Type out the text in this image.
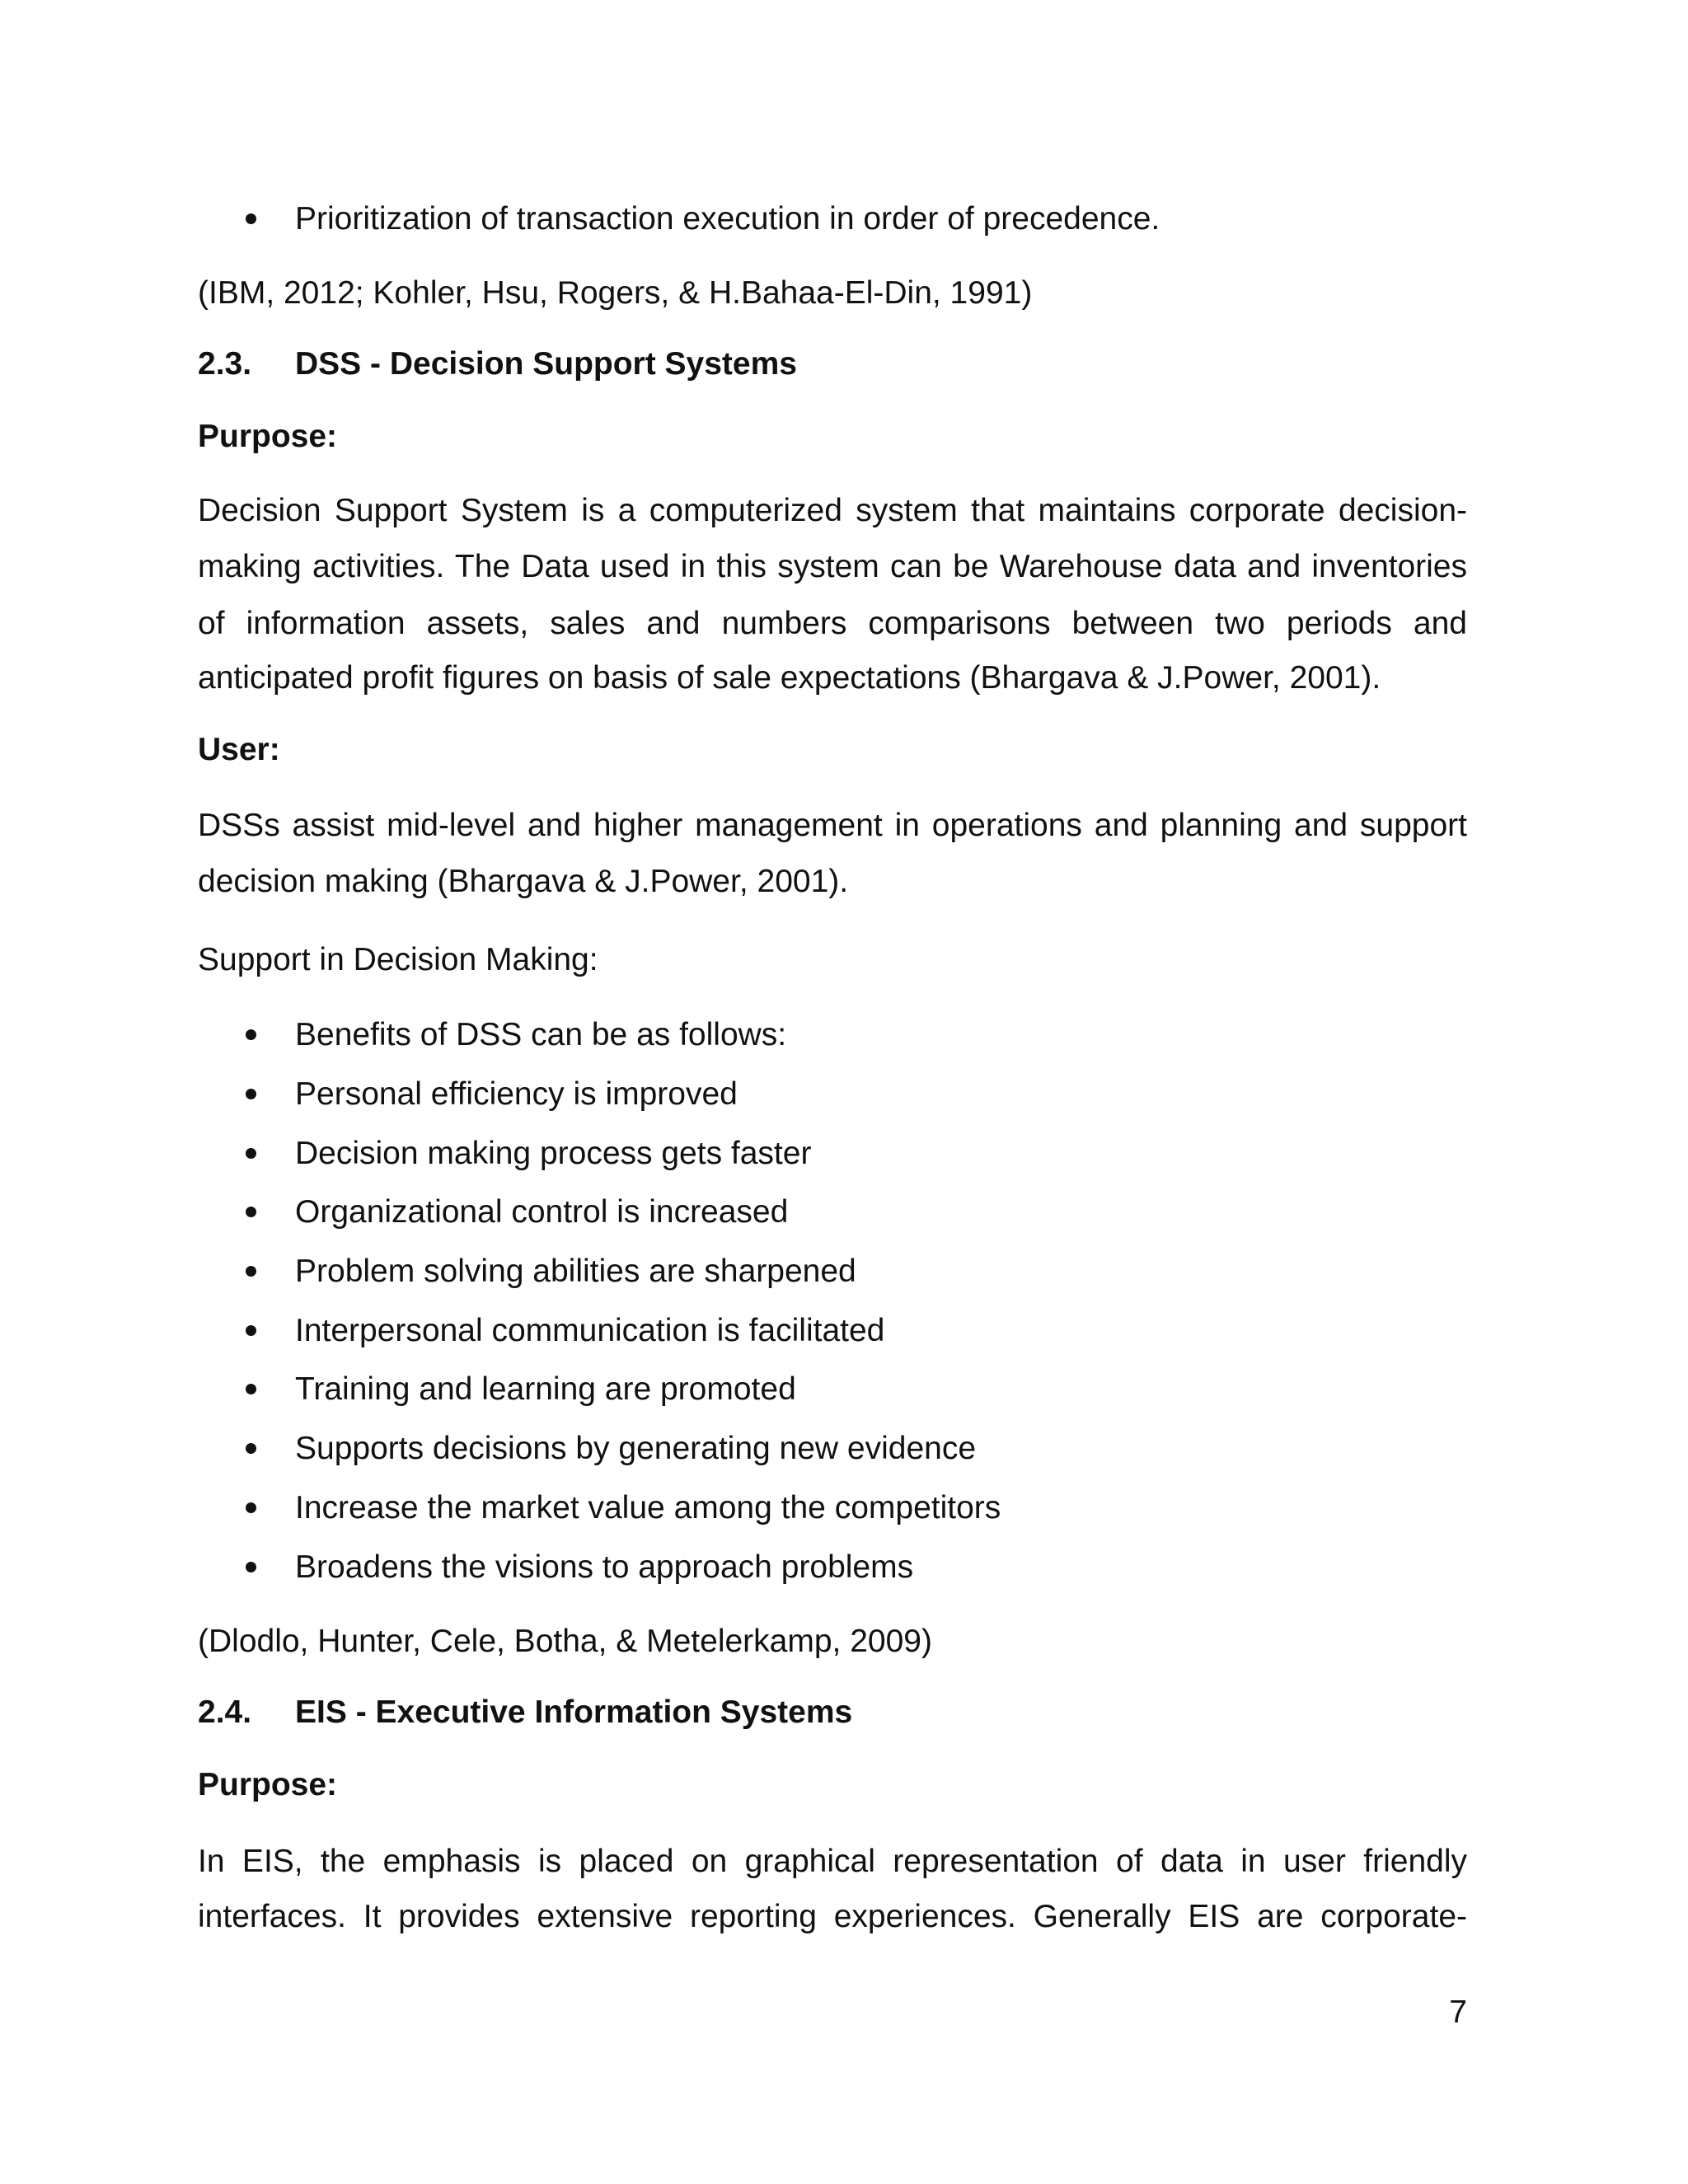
Prioritization of transaction execution in order of precedence.
(IBM, 2012; Kohler, Hsu, Rogers, & H.Bahaa-El-Din, 1991)
2.3. DSS - Decision Support Systems
Purpose:
Decision Support System is a computerized system that maintains corporate decision-
making activities. The Data used in this system can be Warehouse data and inventories
of information assets, sales and numbers comparisons between two periods and
anticipated profit figures on basis of sale expectations (Bhargava & J.Power, 2001).
User:
DSSs assist mid-level and higher management in operations and planning and support
decision making (Bhargava & J.Power, 2001).
Support in Decision Making:
Benefits of DSS can be as follows:
Personal efficiency is improved
Decision making process gets faster
Organizational control is increased
Problem solving abilities are sharpened
Interpersonal communication is facilitated
Training and learning are promoted
Supports decisions by generating new evidence
Increase the market value among the competitors
Broadens the visions to approach problems
(Dlodlo, Hunter, Cele, Botha, & Metelerkamp, 2009)
2.4. EIS - Executive Information Systems
Purpose:
In EIS, the emphasis is placed on graphical representation of data in user friendly
interfaces. It provides extensive reporting experiences. Generally EIS are corporate-
7
